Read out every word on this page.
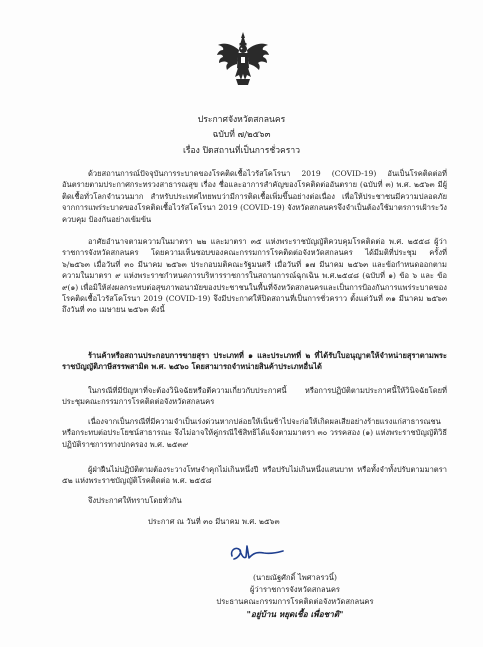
ประกาศจังหวัดสกลนคร
ฉบับที่ ๗/๒๕๖๓
เรื่อง ปิดสถานที่เป็นการชั่วคราว

ด้วยสถานการณ์ปัจจุบันการระบาดของโรคติดเชื้อไวรัสโคโรนา 2019 (COVID-19) อันเป็นโรคติดต่อที่อันตรายตามประกาศกระทรวงสาธารณสุข เรื่อง ชื่อและอาการสำคัญของโรคติดต่ออันตราย (ฉบับที่ ๓) พ.ศ. ๒๕๖๓ มีผู้ติดเชื้อทั่วโลกจำนวนมาก สำหรับประเทศไทยพบว่ามีการติดเชื้อเพิ่มขึ้นอย่างต่อเนื่อง เพื่อให้ประชาชนมีความปลอดภัยจากการแพร่ระบาดของโรคติดเชื้อไวรัสโคโรนา 2019 (COVID-19) จังหวัดสกลนครจึงจำเป็นต้องใช้มาตรการเฝ้าระวัง ควบคุม ป้องกันอย่างเข้มข้น

อาศัยอำนาจตามความในมาตรา ๒๒ และมาตรา ๓๕ แห่งพระราชบัญญัติควบคุมโรคติดต่อ พ.ศ. ๒๕๕๘ ผู้ว่าราชการจังหวัดสกลนคร โดยความเห็นชอบของคณะกรรมการโรคติดต่อจังหวัดสกลนคร ได้มีมติที่ประชุม ครั้งที่ ๖/๒๕๖๓ เมื่อวันที่ ๓๐ มีนาคม ๒๕๖๓ ประกอบมติคณะรัฐมนตรี เมื่อวันที่ ๑๗ มีนาคม ๒๕๖๓ และข้อกำหนดออกตามความในมาตรา ๙ แห่งพระราชกำหนดการบริหารราชการในสถานการณ์ฉุกเฉิน พ.ศ.๒๕๔๘ (ฉบับที่ ๑) ข้อ ๖ และ ข้อ ๙(๑) เพื่อมิให้ส่งผลกระทบต่อสุขภาพอนามัยของประชาชนในพื้นที่จังหวัดสกลนครและเป็นการป้องกันการแพร่ระบาดของโรคติดเชื้อไวรัสโคโรนา 2019 (COVID-19) จึงมีประกาศให้ปิดสถานที่เป็นการชั่วคราว ตั้งแต่วันที่ ๓๑ มีนาคม ๒๕๖๓ ถึงวันที่ ๓๐ เมษายน ๒๕๖๓ ดังนี้

ร้านค้าหรือสถานประกอบการขายสุรา ประเภทที่ ๑ และประเภทที่ ๒ ที่ได้รับใบอนุญาตให้จำหน่ายสุราตามพระราชบัญญัติภาษีสรรพสามิต พ.ศ. ๒๕๖๐ โดยสามารถจำหน่ายสินค้าประเภทอื่นได้

ในกรณีที่มีปัญหาที่จะต้องวินิจฉัยหรือตีความเกี่ยวกับประกาศนี้ หรือการปฏิบัติตามประกาศนี้ให้วินิจฉัยโดยที่ประชุมคณะกรรมการโรคติดต่อจังหวัดสกลนคร

เนื่องจากเป็นกรณีที่มีความจำเป็นเร่งด่วนหากปล่อยให้เนิ่นช้าไปจะก่อให้เกิดผลเสียอย่างร้ายแรงแก่สาธารณชนหรือกระทบต่อประโยชน์สาธารณะ จึงไม่อาจให้คู่กรณีใช้สิทธิได้แจ้งตามมาตรา ๓๐ วรรคสอง (๑) แห่งพระราชบัญญัติวิธีปฏิบัติราชการทางปกครอง พ.ศ. ๒๕๓๙

ผู้ฝ่าฝืนไม่ปฏิบัติตามต้องระวางโทษจำคุกไม่เกินหนึ่งปี หรือปรับไม่เกินหนึ่งแสนบาท หรือทั้งจำทั้งปรับตามมาตรา ๕๒ แห่งพระราชบัญญัติโรคติดต่อ พ.ศ. ๒๕๕๘

จึงประกาศให้ทราบโดยทั่วกัน

ประกาศ ณ วันที่ ๓๐ มีนาคม พ.ศ. ๒๕๖๓

(นายณัฐศักดิ์ ไพศาลรวนิ์)
ผู้ว่าราชการจังหวัดสกลนคร
ประธานคณะกรรมการโรคติดต่อจังหวัดสกลนคร
"อยู่บ้าน หยุดเชื้อ เพื่อชาติ"
